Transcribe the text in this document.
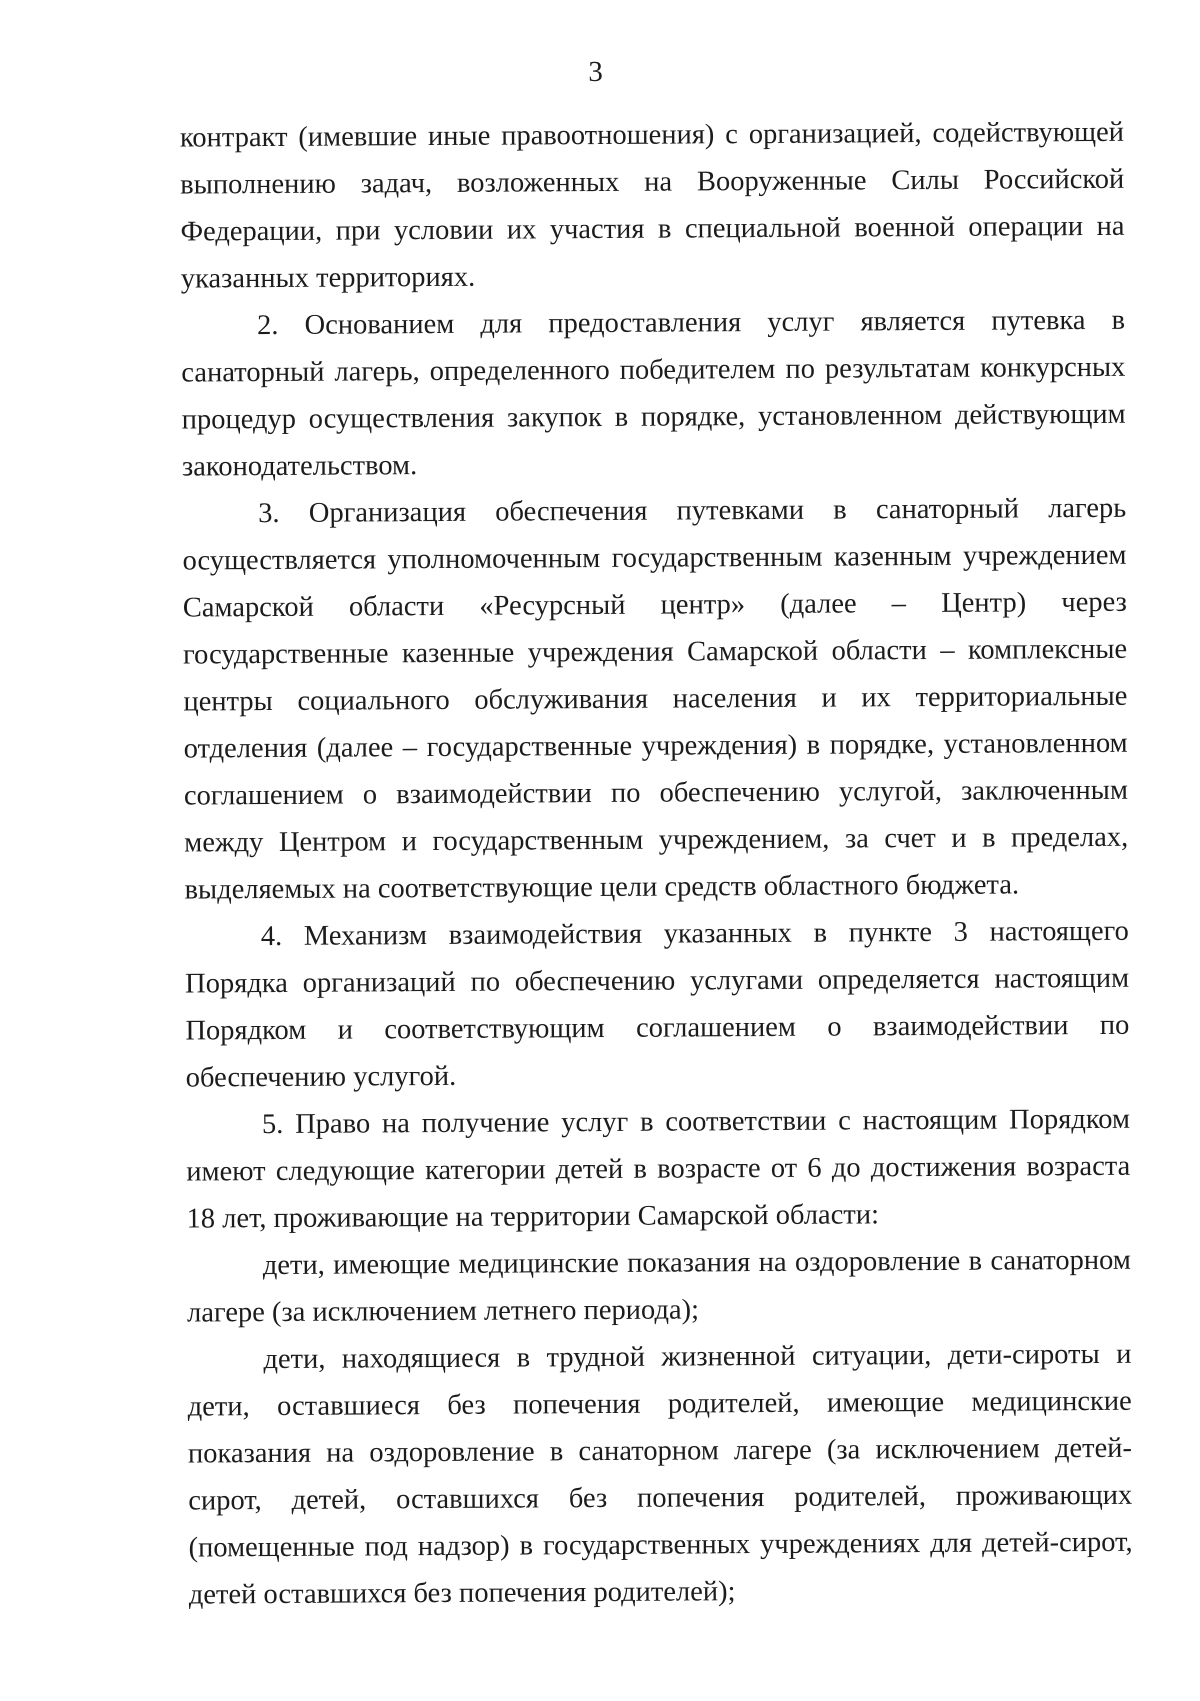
3

контракт (имевшие иные правоотношения) с организацией, содействующей выполнению задач, возложенных на Вооруженные Силы Российской Федерации, при условии их участия в специальной военной операции на указанных территориях.

2. Основанием для предоставления услуг является путевка в санаторный лагерь, определенного победителем по результатам конкурсных процедур осуществления закупок в порядке, установленном действующим законодательством.

3. Организация обеспечения путевками в санаторный лагерь осуществляется уполномоченным государственным казенным учреждением Самарской области «Ресурсный центр» (далее – Центр) через государственные казенные учреждения Самарской области – комплексные центры социального обслуживания населения и их территориальные отделения (далее – государственные учреждения) в порядке, установленном соглашением о взаимодействии по обеспечению услугой, заключенным между Центром и государственным учреждением, за счет и в пределах, выделяемых на соответствующие цели средств областного бюджета.

4. Механизм взаимодействия указанных в пункте 3 настоящего Порядка организаций по обеспечению услугами определяется настоящим Порядком и соответствующим соглашением о взаимодействии по обеспечению услугой.

5. Право на получение услуг в соответствии с настоящим Порядком имеют следующие категории детей в возрасте от 6 до достижения возраста 18 лет, проживающие на территории Самарской области:

дети, имеющие медицинские показания на оздоровление в санаторном лагере (за исключением летнего периода);

дети, находящиеся в трудной жизненной ситуации, дети-сироты и дети, оставшиеся без попечения родителей, имеющие медицинские показания на оздоровление в санаторном лагере (за исключением детей-сирот, детей, оставшихся без попечения родителей, проживающих (помещенные под надзор) в государственных учреждениях для детей-сирот, детей оставшихся без попечения родителей);
